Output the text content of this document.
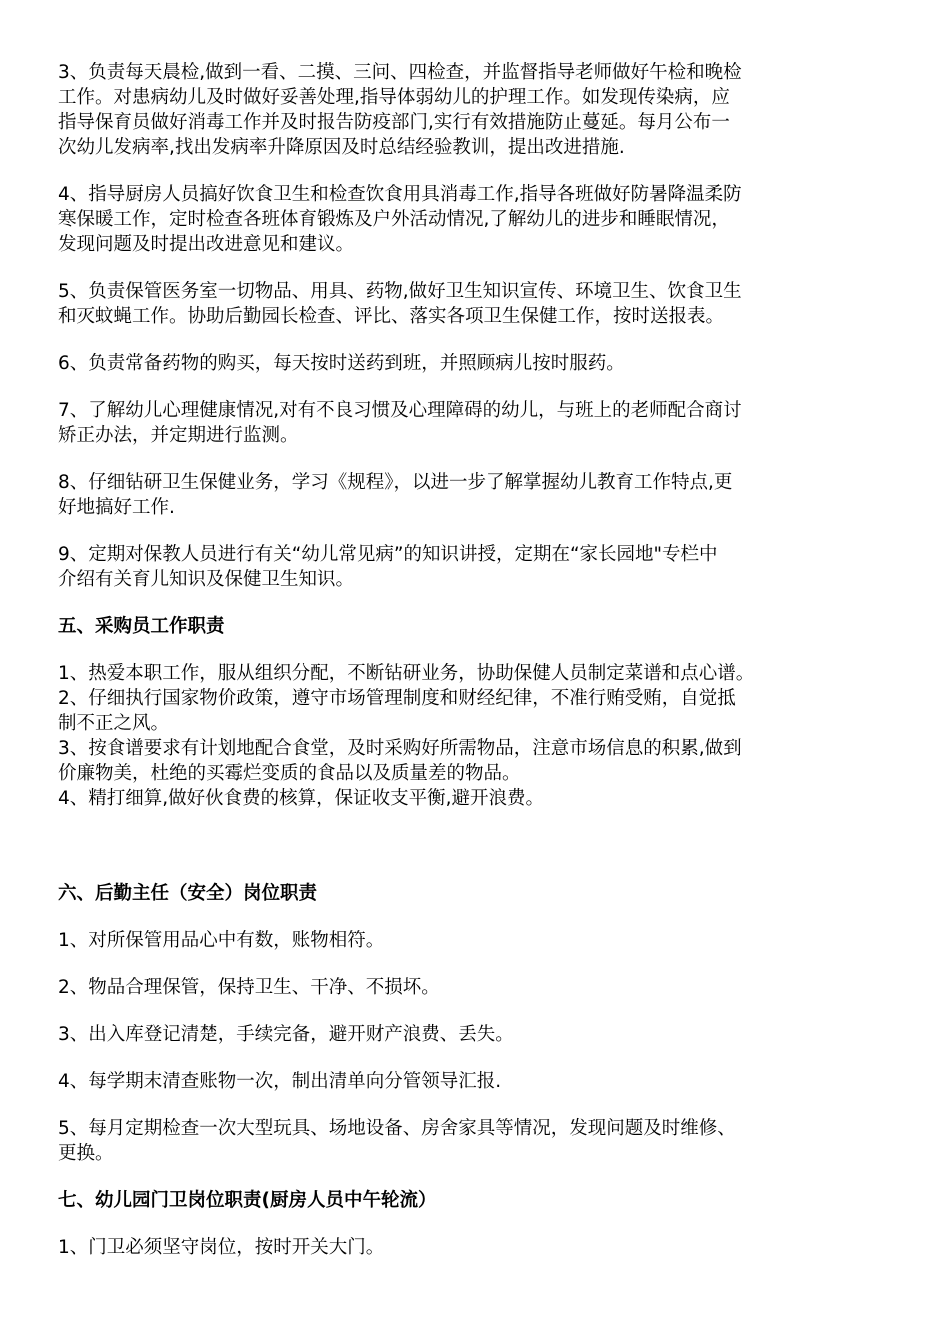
3、负责每天晨检,做到一看、二摸、三问、四检查，并监督指导老师做好午检和晚检
工作。对患病幼儿及时做好妥善处理,指导体弱幼儿的护理工作。如发现传染病，应
指导保育员做好消毒工作并及时报告防疫部门,实行有效措施防止蔓延。每月公布一
次幼儿发病率,找出发病率升降原因及时总结经验教训，提出改进措施.

4、指导厨房人员搞好饮食卫生和检查饮食用具消毒工作,指导各班做好防暑降温柔防
寒保暖工作，定时检查各班体育锻炼及户外活动情况,了解幼儿的进步和睡眠情况，
发现问题及时提出改进意见和建议。

5、负责保管医务室一切物品、用具、药物,做好卫生知识宣传、环境卫生、饮食卫生
和灭蚊蝇工作。协助后勤园长检查、评比、落实各项卫生保健工作，按时送报表。

6、负责常备药物的购买，每天按时送药到班，并照顾病儿按时服药。

7、了解幼儿心理健康情况,对有不良习惯及心理障碍的幼儿，与班上的老师配合商讨
矫正办法，并定期进行监测。

8、仔细钻研卫生保健业务，学习《规程》，以进一步了解掌握幼儿教育工作特点,更
好地搞好工作.

9、定期对保教人员进行有关“幼儿常见病”的知识讲授，定期在“家长园地"专栏中
介绍有关育儿知识及保健卫生知识。

五、采购员工作职责

1、热爱本职工作，服从组织分配，不断钻研业务，协助保健人员制定菜谱和点心谱。

2、仔细执行国家物价政策，遵守市场管理制度和财经纪律，不准行贿受贿，自觉抵
制不正之风。

3、按食谱要求有计划地配合食堂，及时采购好所需物品，注意市场信息的积累,做到
价廉物美，杜绝的买霉烂变质的食品以及质量差的物品。

4、精打细算,做好伙食费的核算，保证收支平衡,避开浪费。

六、后勤主任（安全）岗位职责

1、对所保管用品心中有数，账物相符。

2、物品合理保管，保持卫生、干净、不损坏。

3、出入库登记清楚，手续完备，避开财产浪费、丢失。

4、每学期末清查账物一次，制出清单向分管领导汇报.

5、每月定期检查一次大型玩具、场地设备、房舍家具等情况，发现问题及时维修、
更换。

七、幼儿园门卫岗位职责(厨房人员中午轮流）

1、门卫必须坚守岗位，按时开关大门。
